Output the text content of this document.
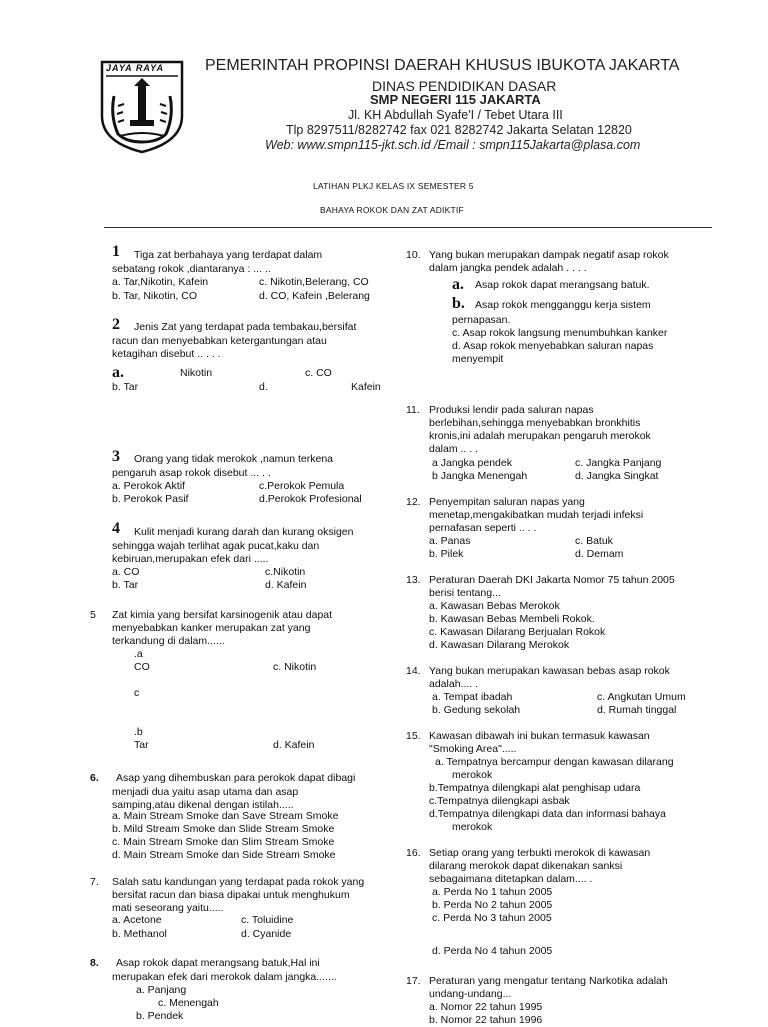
JAYA RAYA	PEMERINTAH PROPINSI DAERAH KHUSUS IBUKOTA JAKARTA
DINAS PENDIDIKAN DASAR
SMP NEGERI 115 JAKARTA
Jl. KH Abdullah Syafe'I / Tebet Utara III
Tlp 8297511/8282742 fax 021 8282742 Jakarta Selatan 12820
Web: www.smpn115-jkt.sch.id /Email : smpn115Jakarta@plasa.com
LATIHAN PLKJ KELAS IX SEMESTER 5
BAHAYA ROKOK DAN ZAT ADIKTIF
1 Tiga zat berbahaya yang terdapat dalam
sebatang rokok ,diantaranya : ... ..
a. Tar,Nikotin, Kafein	c. Nikotin,Belerang, CO
b. Tar, Nikotin, CO	d. CO, Kafein ,Belerang
2 Jenis Zat yang terdapat pada tembakau,bersifat
racun dan menyebabkan ketergantungan atau
ketagihan disebut .. . . .
a.	Nikotin	c. CO
b. Tar	d.	Kafein
3 Orang yang tidak merokok ,namun terkena
pengaruh asap rokok disebut ... . .
a. Perokok Aktif	c.Perokok Pemula
b. Perokok Pasif	d.Perokok Profesional
4 Kulit menjadi kurang darah dan kurang oksigen
sehingga wajah terlihat agak pucat,kaku dan
kebiruan,merupakan efek dari .....
a. CO	c.Nikotin
b. Tar	d. Kafein
5 Zat kimia yang bersifat karsinogenik atau dapat
menyebabkan kanker merupakan zat yang
terkandung di dalam......
.a
CO	c. Nikotin
c
.b
Tar	d. Kafein
6. Asap yang dihembuskan para perokok dapat dibagi
menjadi dua yaitu asap utama dan asap
samping,atau dikenal dengan istilah.....
a. Main Stream Smoke dan Save Stream Smoke
b. Mild Stream Smoke dan Slide Stream Smoke
c. Main Stream Smoke dan Slim Stream Smoke
d. Main Stream Smoke dan Side Stream Smoke
7. Salah satu kandungan yang terdapat pada rokok yang
bersifat racun dan biasa dipakai untuk menghukum
mati seseorang yaitu.....
a. Acetone	c. Toluidine
b. Methanol	d. Cyanide
8. Asap rokok dapat merangsang batuk,Hal ini
merupakan efek dari merokok dalam jangka.......
a. Panjang
c. Menengah
b. Pendek
10. Yang bukan merupakan dampak negatif asap rokok
dalam jangka pendek adalah . . . .
a. Asap rokok dapat merangsang batuk.
b. Asap rokok mengganggu kerja sistem
pernapasan.
c. Asap rokok langsung menumbuhkan kanker
d. Asap rokok menyebabkan saluran napas
menyempit
11. Produksi lendir pada saluran napas
berlebihan,sehingga menyebabkan bronkhitis
kronis,ini adalah merupakan pengaruh merokok
dalam .. . .
a Jangka pendek	c. Jangka Panjang
b Jangka Menengah	d. Jangka Singkat
12. Penyempitan saluran napas yang
menetap,mengakibatkan mudah terjadi infeksi
pernafasan seperti .. . .
a. Panas	c. Batuk
b. Pilek	d. Demam
13. Peraturan Daerah DKI Jakarta Nomor 75 tahun 2005
berisi tentang...
a. Kawasan Bebas Merokok
b. Kawasan Bebas Membeli Rokok.
c. Kawasan Dilarang Berjualan Rokok
d. Kawasan Dilarang Merokok
14. Yang bukan merupakan kawasan bebas asap rokok
adalah.... .
a. Tempat ibadah	c. Angkutan Umum
b. Gedung sekolah	d. Rumah tinggal
15. Kawasan dibawah ini bukan termasuk kawasan
"Smoking Area".....
a. Tempatnya bercampur dengan kawasan dilarang
merokok
b.Tempatnya dilengkapi alat penghisap udara
c.Tempatnya dilengkapi asbak
d.Tempatnya dilengkapi data dan informasi bahaya
merokok
16. Setiap orang yang terbukti merokok di kawasan
dilarang merokok dapat dikenakan sanksi
sebagaimana ditetapkan dalam.... .
a. Perda No 1 tahun 2005
b. Perda No 2 tahun 2005
c. Perda No 3 tahun 2005
d. Perda No 4 tahun 2005
17. Peraturan yang mengatur tentang Narkotika adalah
undang-undang...
a. Nomor 22 tahun 1995
b. Nomor 22 tahun 1996
